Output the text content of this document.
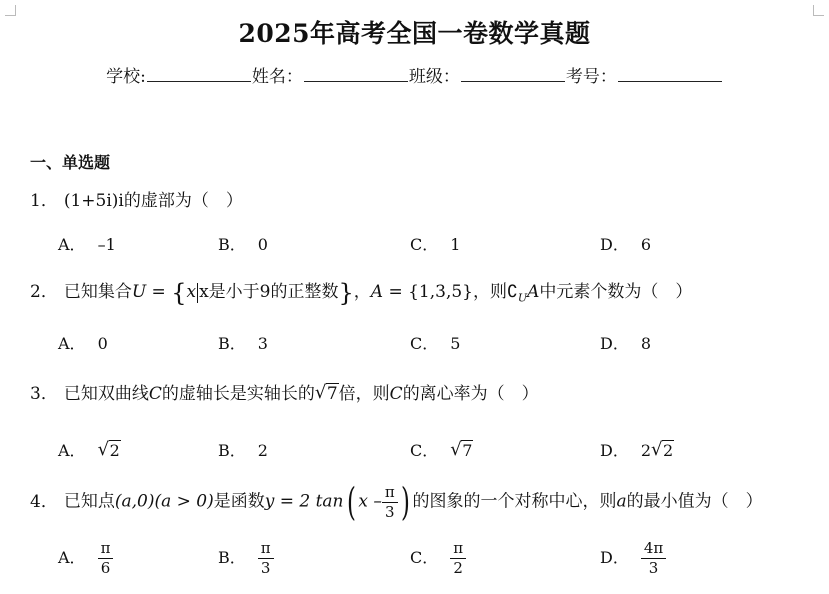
2025年高考全国一卷数学真题
学校:	姓名：	班级：	考号：
一、单选题
1． (1+5i)i的虚部为（　）
A． –1	B． 0	C． 1	D． 6
2． 已知集合U = {x x是小于9的正整数}，A = {1,3,5}，则$∁_UA$中元素个数为（　）
A． 0	B． 3	C． 5	D． 8
3． 已知双曲线C的虚轴长是实轴长的 √ 7倍，则C的离心率为（　）
A． √ 2	B． 2	C． √ 7	D． 2 √ 2
4． 已知点(a,0)(a > 0)是函数y = 2 tan( x – $\frac{\pi}{3}$ ) 的图象的一个对称中心，则a的最小值为（　）
A． $\frac{\pi}{6}$	B． $\frac{\pi}{3}$	C． $\frac{\pi}{2}$	D． $\frac{4\pi}{3}$
